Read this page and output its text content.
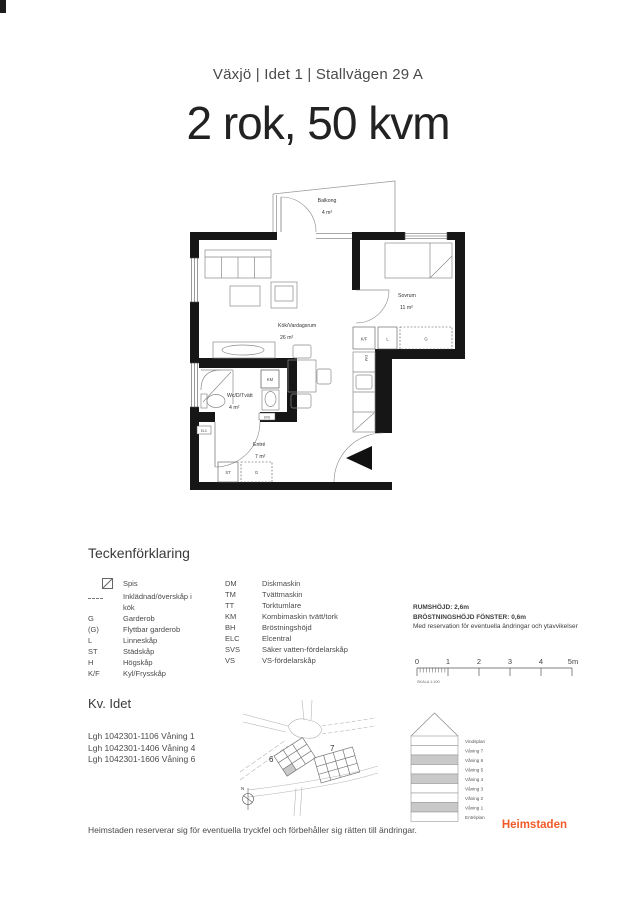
Växjö | Idet 1 | Stallvägen 29 A
2 rok, 50 kvm
Balkong
4 m²
Kök/Vardagsrum
26 m²
Sovrum
11 m²
Wc/D/Tvätt
4 m²
Entré
7 m²
K/F	L	G
KM
DM
SVS
ELC
ST	G
Teckenförklaring
Spis
Inklädnad/överskåp i kök
G	Garderob
(G)	Flyttbar garderob
L	Linneskåp
ST	Städskåp
H	Högskåp
K/F	Kyl/Frysskåp
DM	Diskmaskin
TM	Tvättmaskin
TT	Torktumlare
KM	Kombimaskin tvätt/tork
BH	Bröstningshöjd
ELC	Elcentral
SVS	Säker vatten-fördelarskåp
VS	VS-fördelarskåp
RUMSHÖJD: 2,6m
BRÖSTNINGSHÖJD FÖNSTER: 0,6m
Med reservation för eventuella ändringar och ytavvikelser
0	1	2	3	4	5m
SKALA 1:100
Kv. Idet
Lgh 1042301-1106 Våning 1
Lgh 1042301-1406 Våning 4
Lgh 1042301-1606 Våning 6	6
7
N
Vindsplan
Våning 7
Våning 6
Våning 5
Våning 4
Våning 3
Våning 2
Våning 1
Entréplan
Heimstaden reserverar sig för eventuella tryckfel och förbehåller sig rätten till ändringar.	Heimstaden
